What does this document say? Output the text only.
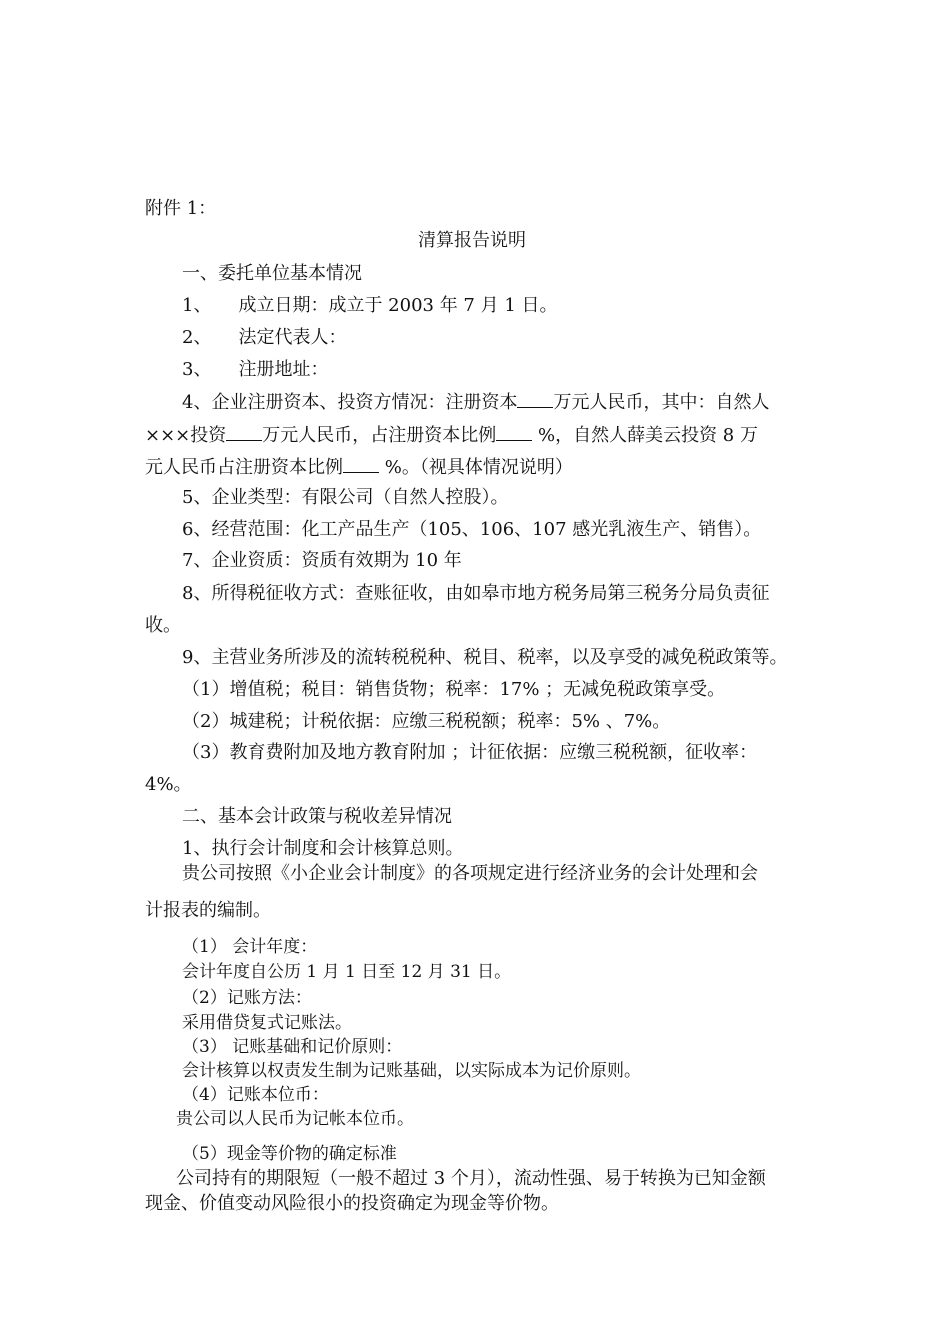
附件 1：
清算报告说明
一、委托单位基本情况
1、 成立日期：成立于 2003 年 7 月 1 日。
2、 法定代表人：
3、 注册地址：
4、企业注册资本、投资方情况：注册资本 万元人民币，其中：自然人
×××投资 万元人民币，占注册资本比例 %，自然人薛美云投资 8 万
元人民币占注册资本比例 %。（视具体情况说明）
5、企业类型：有限公司（自然人控股）。
6、经营范围：化工产品生产（105、106、107 感光乳液生产、销售）。
7、企业资质：资质有效期为 10 年
8、所得税征收方式：查账征收，由如皋市地方税务局第三税务分局负责征
收。
9、主营业务所涉及的流转税税种、税目、税率，以及享受的减免税政策等。
（1）增值税；税目：销售货物；税率：17% ；无减免税政策享受。
（2）城建税；计税依据：应缴三税税额；税率：5% 、7%。
（3）教育费附加及地方教育附加 ；计征依据：应缴三税税额，征收率：
4%。
二、基本会计政策与税收差异情况
1、执行会计制度和会计核算总则。
贵公司按照《小企业会计制度》的各项规定进行经济业务的会计处理和会
计报表的编制。
（1） 会计年度：
会计年度自公历 1 月 1 日至 12 月 31 日。
（2）记账方法：
采用借贷复式记账法。
（3） 记账基础和记价原则：
会计核算以权责发生制为记账基础，以实际成本为记价原则。
（4）记账本位币：
贵公司以人民币为记帐本位币。
（5）现金等价物的确定标准
公司持有的期限短（一般不超过 3 个月），流动性强、易于转换为已知金额
现金、价值变动风险很小的投资确定为现金等价物。
